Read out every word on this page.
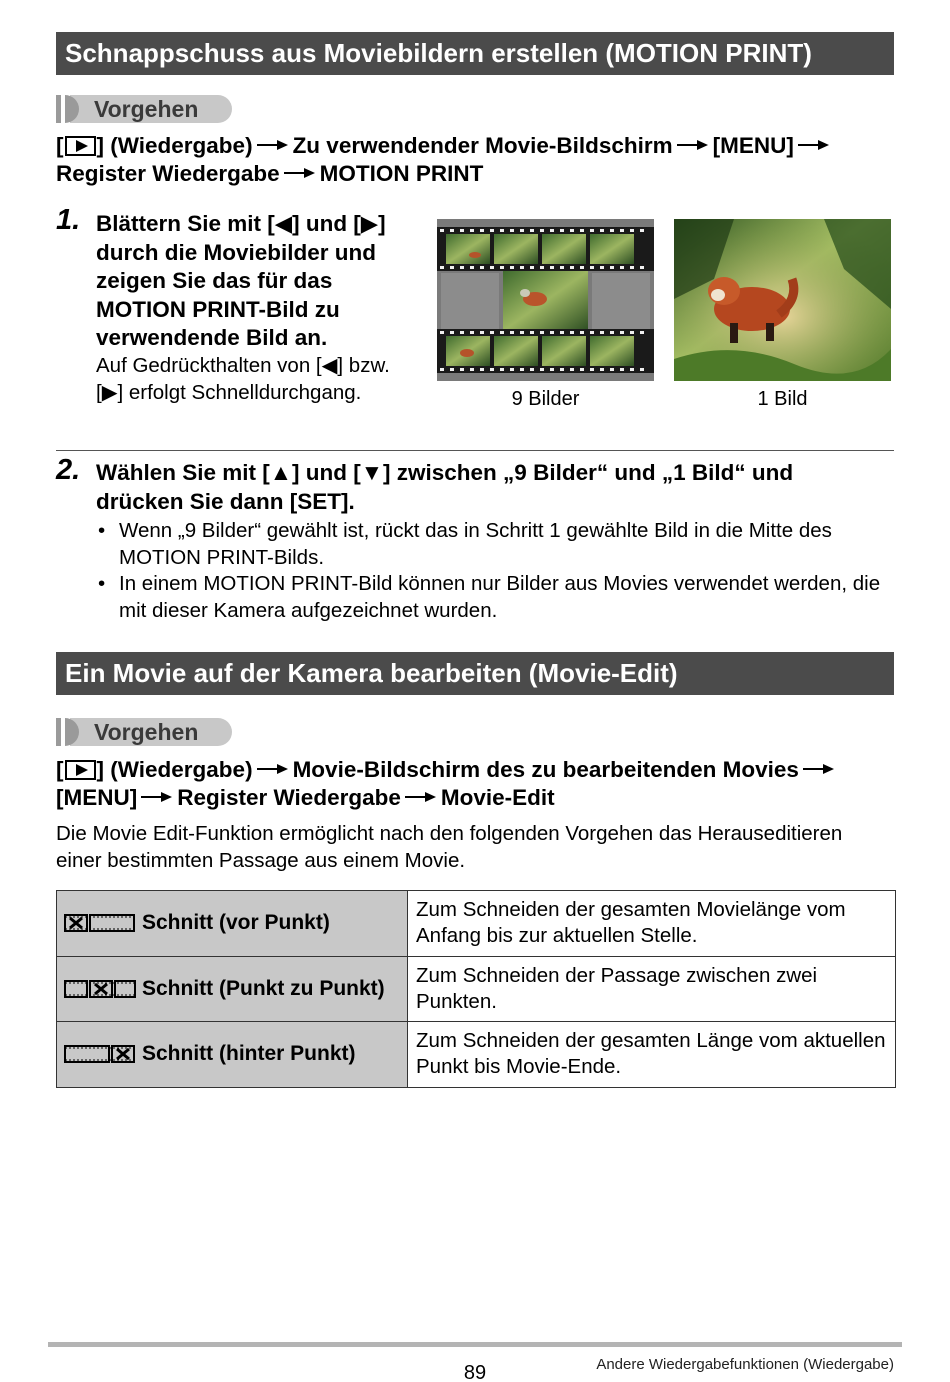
Schnappschuss aus Moviebildern erstellen (MOTION PRINT)
Vorgehen
[ ] (Wiedergabe) Zu verwendender Movie-Bildschirm [MENU]
Register Wiedergabe MOTION PRINT
1. Blättern Sie mit [◀] und [▶] durch die Moviebilder und zeigen Sie das für das MOTION PRINT-Bild zu verwendende Bild an.
Auf Gedrückthalten von [◀] bzw. [▶] erfolgt Schnelldurchgang.	9 Bilder	1 Bild
2. Wählen Sie mit [▲] und [▼] zwischen „9 Bilder“ und „1 Bild“ und drücken Sie dann [SET].
• Wenn „9 Bilder“ gewählt ist, rückt das in Schritt 1 gewählte Bild in die Mitte des MOTION PRINT-Bilds.
• In einem MOTION PRINT-Bild können nur Bilder aus Movies verwendet werden, die mit dieser Kamera aufgezeichnet wurden.
Ein Movie auf der Kamera bearbeiten (Movie-Edit)
Vorgehen
[ ] (Wiedergabe) Movie-Bildschirm des zu bearbeitenden Movies
[MENU] Register Wiedergabe Movie-Edit
Die Movie Edit-Funktion ermöglicht nach den folgenden Vorgehen das Herauseditieren einer bestimmten Passage aus einem Movie.
Schnitt (vor Punkt)	Zum Schneiden der gesamten Movielänge vom Anfang bis zur aktuellen Stelle.
Schnitt (Punkt zu Punkt)	Zum Schneiden der Passage zwischen zwei Punkten.
Schnitt (hinter Punkt)	Zum Schneiden der gesamten Länge vom aktuellen Punkt bis Movie-Ende.
89	Andere Wiedergabefunktionen (Wiedergabe)
